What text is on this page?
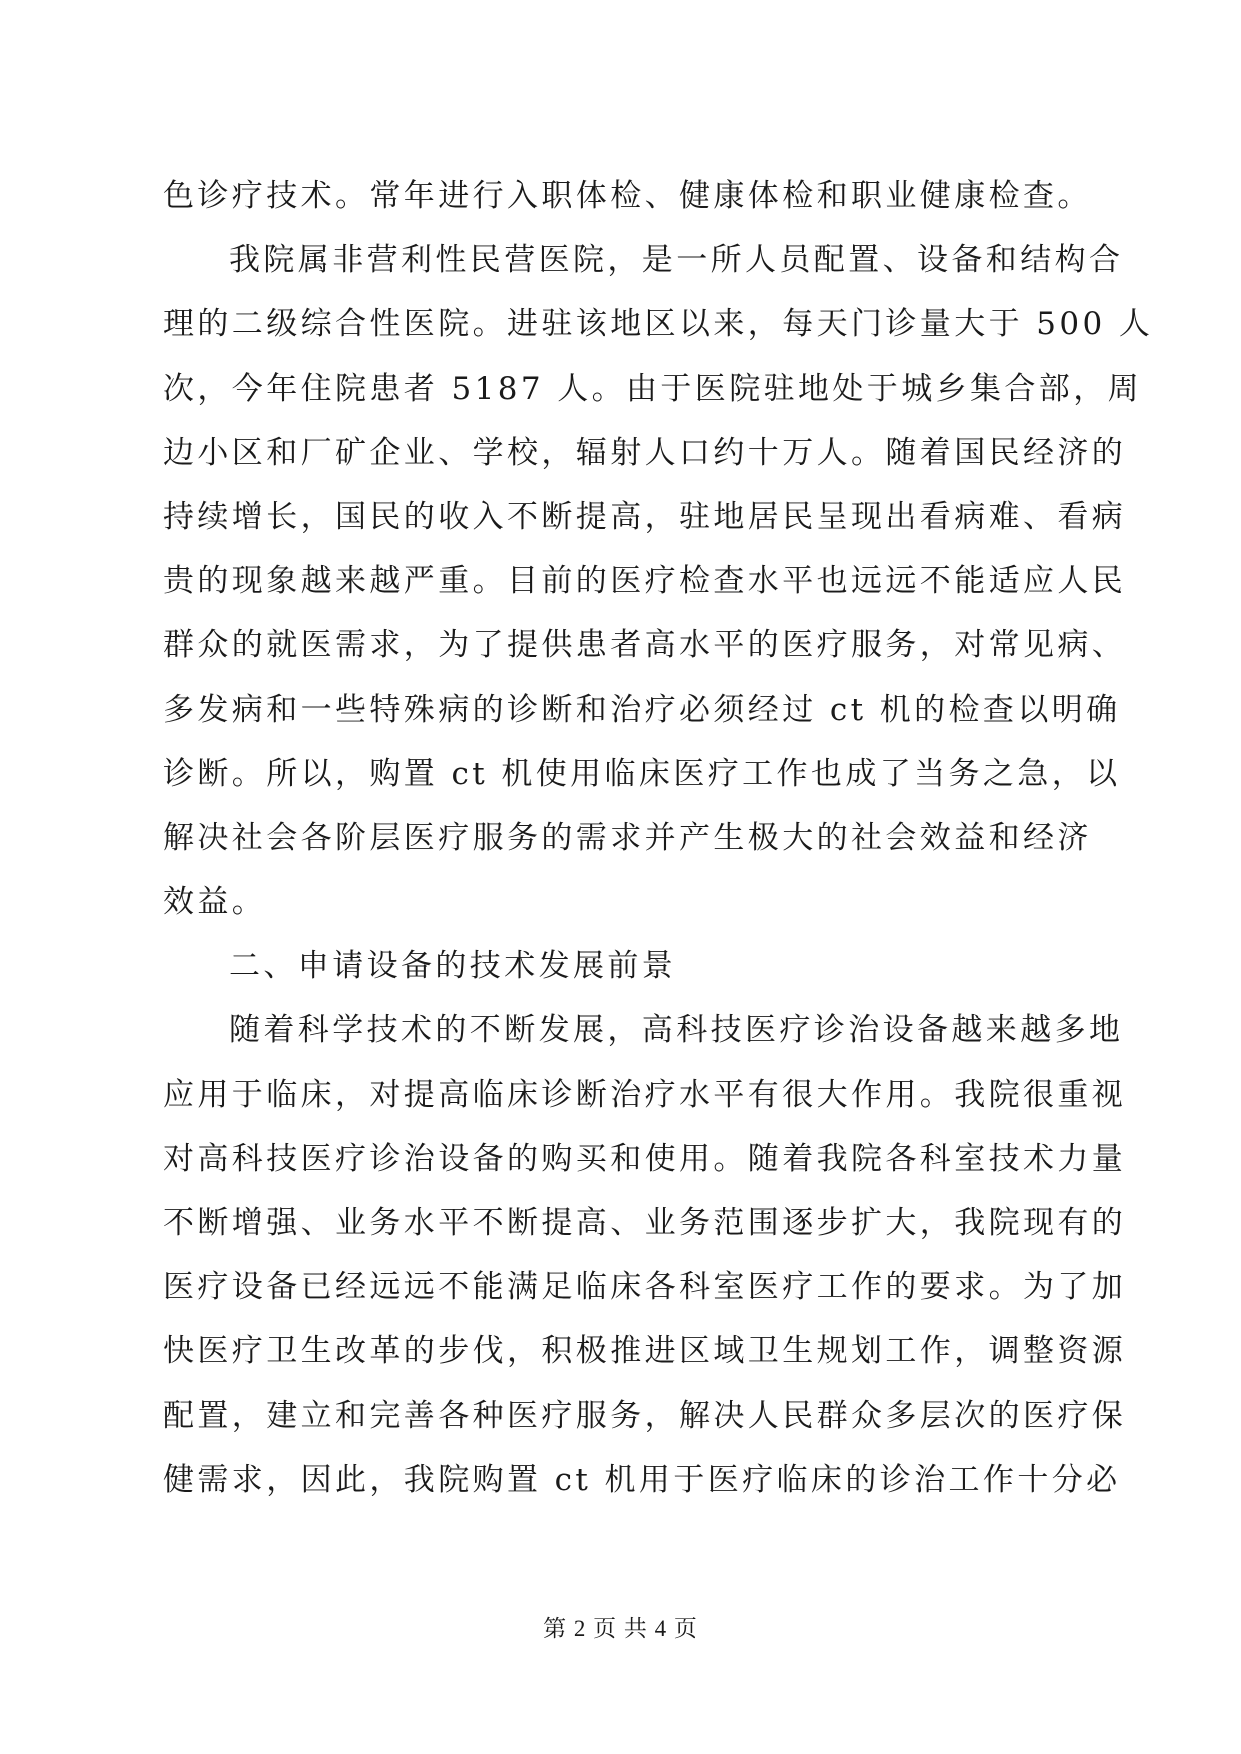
色诊疗技术。常年进行入职体检、健康体检和职业健康检查。
我院属非营利性民营医院，是一所人员配置、设备和结构合
理的二级综合性医院。进驻该地区以来，每天门诊量大于 500 人
次，今年住院患者 5187 人。由于医院驻地处于城乡集合部，周
边小区和厂矿企业、学校，辐射人口约十万人。随着国民经济的
持续增长，国民的收入不断提高，驻地居民呈现出看病难、看病
贵的现象越来越严重。目前的医疗检查水平也远远不能适应人民
群众的就医需求，为了提供患者高水平的医疗服务，对常见病、
多发病和一些特殊病的诊断和治疗必须经过 ct 机的检查以明确
诊断。所以，购置 ct 机使用临床医疗工作也成了当务之急，以
解决社会各阶层医疗服务的需求并产生极大的社会效益和经济
效益。
二、申请设备的技术发展前景
随着科学技术的不断发展，高科技医疗诊治设备越来越多地
应用于临床，对提高临床诊断治疗水平有很大作用。我院很重视
对高科技医疗诊治设备的购买和使用。随着我院各科室技术力量
不断增强、业务水平不断提高、业务范围逐步扩大，我院现有的
医疗设备已经远远不能满足临床各科室医疗工作的要求。为了加
快医疗卫生改革的步伐，积极推进区域卫生规划工作，调整资源
配置，建立和完善各种医疗服务，解决人民群众多层次的医疗保
健需求，因此，我院购置 ct 机用于医疗临床的诊治工作十分必
第 2 页 共 4 页
